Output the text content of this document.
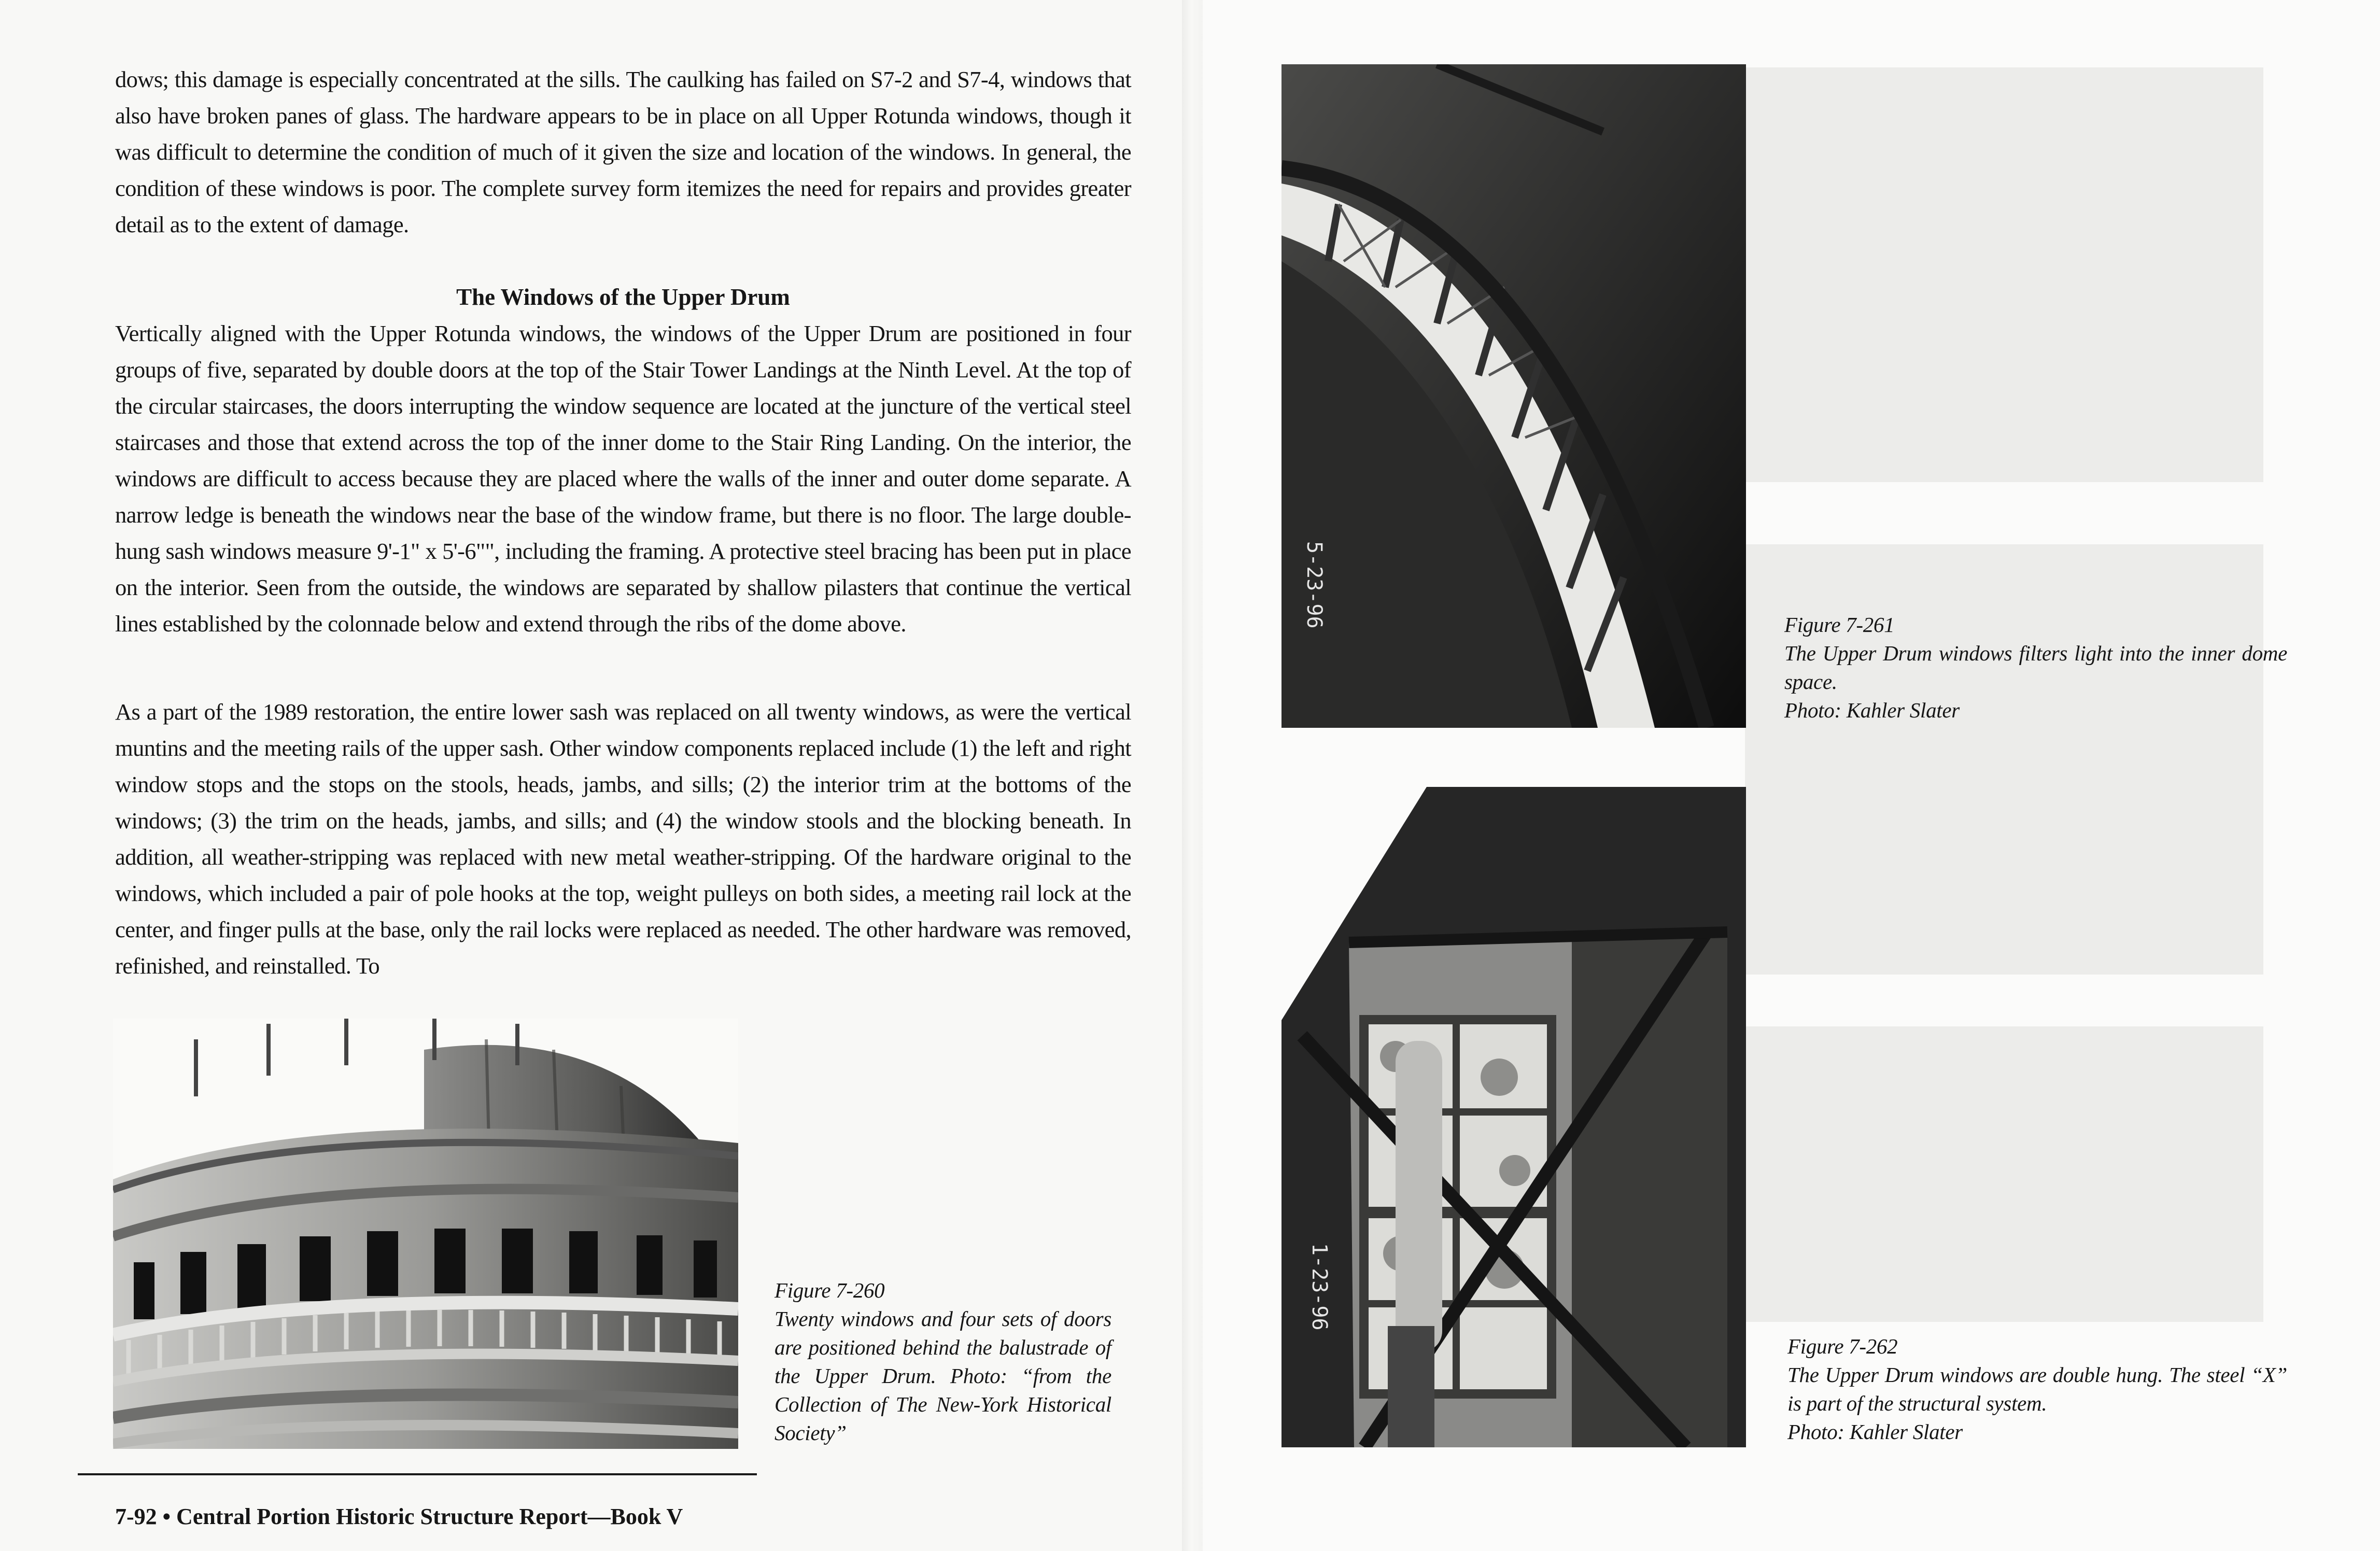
dows; this damage is especially concentrated at the sills. The caulking has failed on S7-2 and S7-4, windows that also have broken panes of glass. The hardware appears to be in place on all Upper Rotunda windows, though it was difficult to determine the condition of much of it given the size and location of the windows. In general, the condition of these windows is poor. The complete survey form itemizes the need for repairs and provides greater detail as to the extent of damage.

The Windows of the Upper Drum

Vertically aligned with the Upper Rotunda windows, the windows of the Upper Drum are positioned in four groups of five, separated by double doors at the top of the Stair Tower Landings at the Ninth Level. At the top of the circular staircases, the doors interrupting the window sequence are located at the juncture of the vertical steel staircases and those that extend across the top of the inner dome to the Stair Ring Landing. On the interior, the windows are difficult to access because they are placed where the walls of the inner and outer dome separate. A narrow ledge is beneath the windows near the base of the window frame, but there is no floor. The large double-hung sash windows measure 9'-1" x 5'-6"", including the framing. A protective steel bracing has been put in place on the interior. Seen from the outside, the windows are separated by shallow pilasters that continue the vertical lines established by the colonnade below and extend through the ribs of the dome above.

As a part of the 1989 restoration, the entire lower sash was replaced on all twenty windows, as were the vertical muntins and the meeting rails of the upper sash. Other window components replaced include (1) the left and right window stops and the stops on the stools, heads, jambs, and sills; (2) the interior trim at the bottoms of the windows; (3) the trim on the heads, jambs, and sills; and (4) the window stools and the blocking beneath. In addition, all weather-stripping was replaced with new metal weather-stripping. Of the hardware original to the windows, which included a pair of pole hooks at the top, weight pulleys on both sides, a meeting rail lock at the center, and finger pulls at the base, only the rail locks were replaced as needed. The other hardware was removed, refinished, and reinstalled. To

Figure 7-260
Twenty windows and four sets of doors are positioned behind the balustrade of the Upper Drum. Photo: “from the Collection of The New-York Historical Society”
5-23-96	Figure 7-261
The Upper Drum windows filters light into the inner dome space.
Photo: Kahler Slater
1-23-96
Figure 7-262
The Upper Drum windows are double hung. The steel “X” is part of the structural system.
Photo: Kahler Slater
7-92 • Central Portion Historic Structure Report—Book V
